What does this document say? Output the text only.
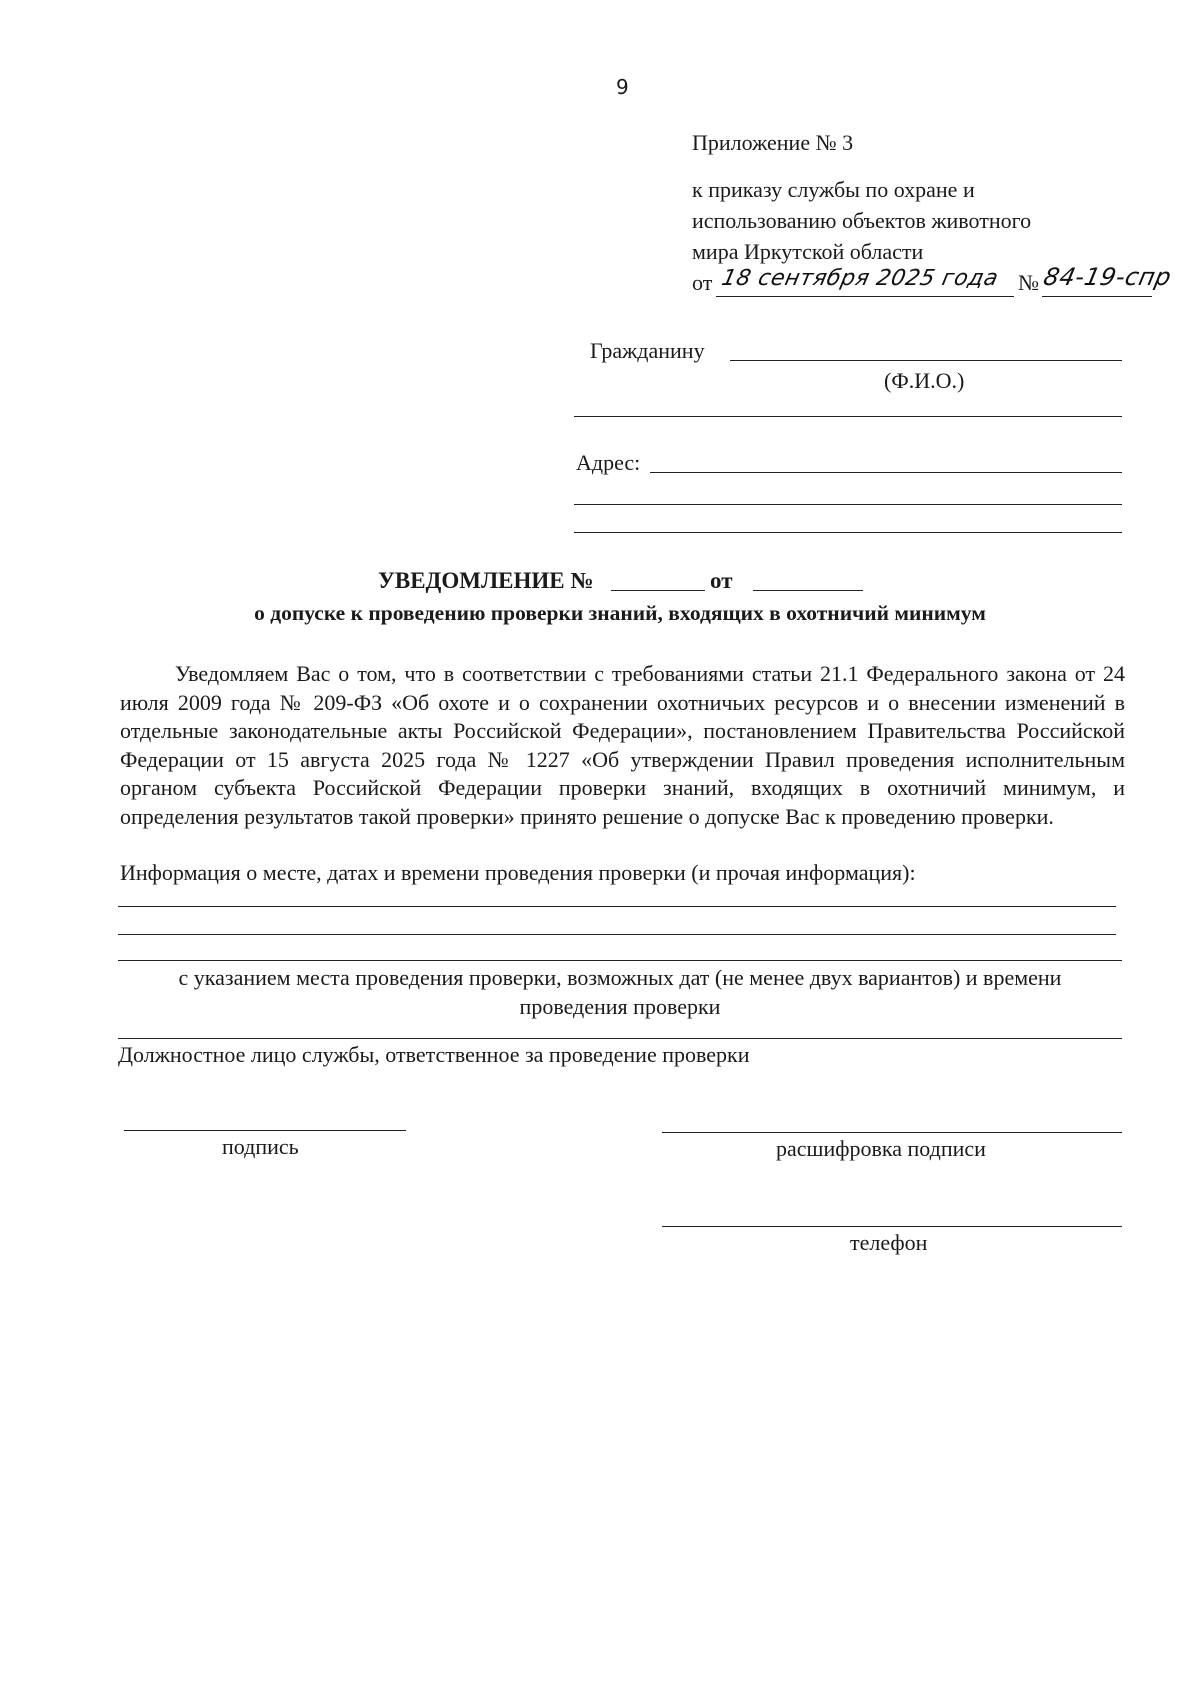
9
Приложение № 3
к приказу службы по охране и
использованию объектов животного
мира Иркутской области
от 18 сентября 2025 года № 84-19-спр
Гражданину
(Ф.И.О.)
Адрес:
УВЕДОМЛЕНИЕ №	от
о допуске к проведению проверки знаний, входящих в охотничий минимум

Уведомляем Вас о том, что в соответствии с требованиями статьи 21.1 Федерального закона от 24 июля 2009 года № 209-ФЗ «Об охоте и о сохранении охотничьих ресурсов и о внесении изменений в отдельные законодательные акты Российской Федерации», постановлением Правительства Российской Федерации от 15 августа 2025 года № 1227 «Об утверждении Правил проведения исполнительным органом субъекта Российской Федерации проверки знаний, входящих в охотничий минимум, и определения результатов такой проверки» принято решение о допуске Вас к проведению проверки.

Информация о месте, датах и времени проведения проверки (и прочая информация):
с указанием места проведения проверки, возможных дат (не менее двух вариантов) и времени
проведения проверки
Должностное лицо службы, ответственное за проведение проверки
подпись	расшифровка подписи
телефон
